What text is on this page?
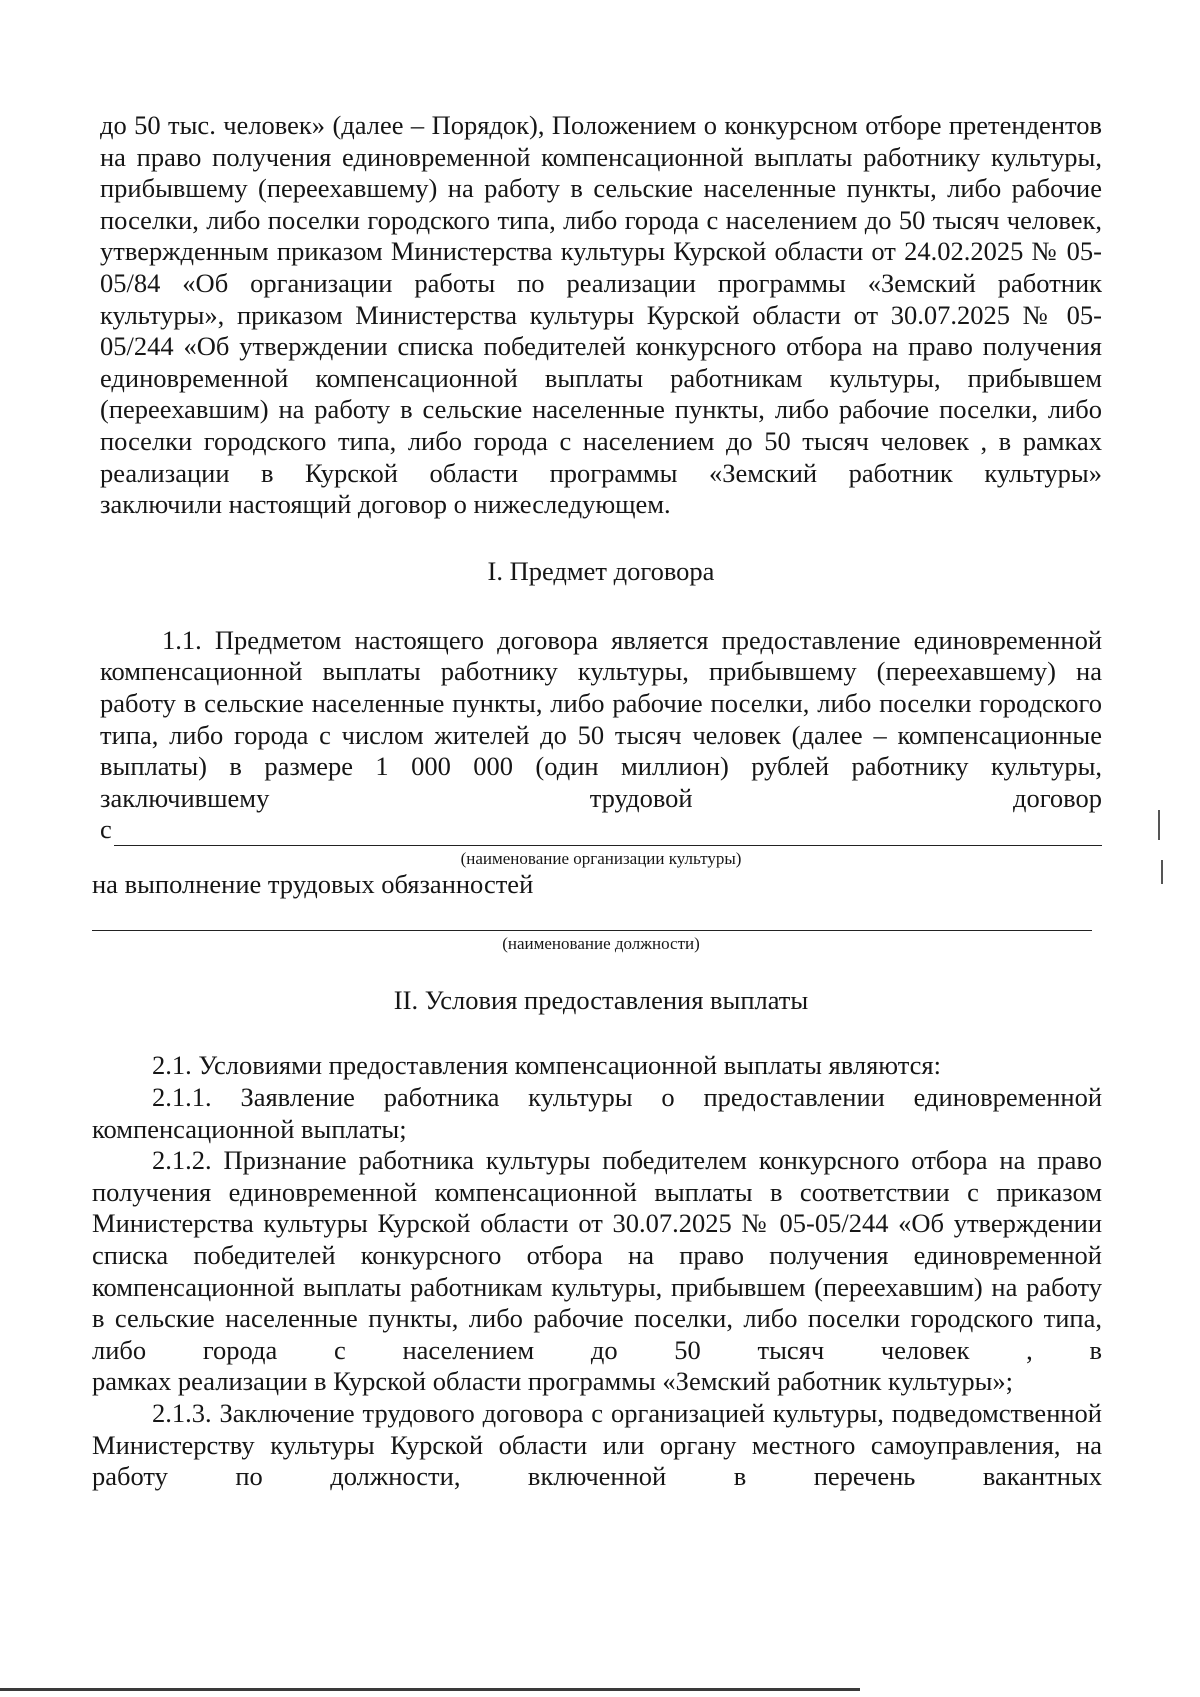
до 50 тыс. человек» (далее – Порядок), Положением о конкурсном отборе претендентов на право получения единовременной компенсационной выплаты работнику культуры, прибывшему (переехавшему) на работу в сельские населенные пункты, либо рабочие поселки, либо поселки городского типа, либо города с населением до 50 тысяч человек, утвержденным приказом Министерства культуры Курской области от 24.02.2025 № 05-05/84 «Об организации работы по реализации программы «Земский работник культуры», приказом Министерства культуры Курской области от 30.07.2025 № 05-05/244 «Об утверждении списка победителей конкурсного отбора на право получения единовременной компенсационной выплаты работникам культуры, прибывшем (переехавшим) на работу в сельские населенные пункты, либо рабочие поселки, либо поселки городского типа, либо города с населением до 50 тысяч человек , в рамках реализации в Курской области программы «Земский работник культуры»
заключили настоящий договор о нижеследующем.
I. Предмет договора
1.1. Предметом настоящего договора является предоставление единовременной компенсационной выплаты работнику культуры, прибывшему (переехавшему) на работу в сельские населенные пункты, либо рабочие поселки, либо поселки городского типа, либо города с числом жителей до 50 тысяч человек (далее – компенсационные выплаты) в размере 1 000 000 (один миллион) рублей работнику культуры, заключившему трудовой договор
с
(наименование организации культуры)
на выполнение трудовых обязанностей
(наименование должности)
II. Условия предоставления выплаты
2.1. Условиями предоставления компенсационной выплаты являются:
2.1.1. Заявление работника культуры о предоставлении единовременной
компенсационной выплаты;
2.1.2. Признание работника культуры победителем конкурсного отбора на право получения единовременной компенсационной выплаты в соответствии с приказом Министерства культуры Курской области от 30.07.2025 № 05-05/244 «Об утверждении списка победителей конкурсного отбора на право получения единовременной компенсационной выплаты работникам культуры, прибывшем (переехавшим) на работу в сельские населенные пункты, либо рабочие поселки, либо поселки городского типа, либо города с населением до 50 тысяч человек , в
рамках реализации в Курской области программы «Земский работник культуры»;
2.1.3. Заключение трудового договора с организацией культуры, подведомственной Министерству культуры Курской области или органу местного самоуправления, на работу по должности, включенной в перечень вакантных
